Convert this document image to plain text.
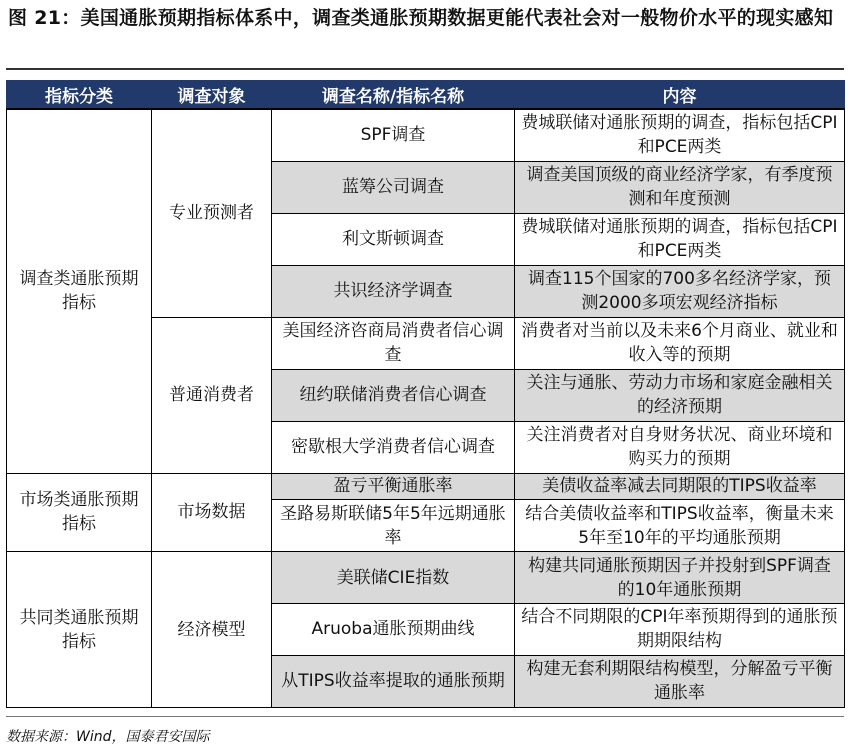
图 21：美国通胀预期指标体系中，调查类通胀预期数据更能代表社会对一般物价水平的现实感知
指标分类	调查对象	调查名称/指标名称	内容
调查类通胀预期指标	专业预测者	SPF调查	费城联储对通胀预期的调查，指标包括CPI和PCE两类
		蓝筹公司调查	调查美国顶级的商业经济学家，有季度预测和年度预测
		利文斯顿调查	费城联储对通胀预期的调查，指标包括CPI和PCE两类
		共识经济学调查	调查115个国家的700多名经济学家，预测2000多项宏观经济指标
	普通消费者	美国经济咨商局消费者信心调查	消费者对当前以及未来6个月商业、就业和收入等的预期
		纽约联储消费者信心调查	关注与通胀、劳动力市场和家庭金融相关的经济预期
		密歇根大学消费者信心调查	关注消费者对自身财务状况、商业环境和购买力的预期
市场类通胀预期指标	市场数据	盈亏平衡通胀率	美债收益率减去同期限的TIPS收益率
		圣路易斯联储5年5年远期通胀率	结合美债收益率和TIPS收益率，衡量未来5年至10年的平均通胀预期
共同类通胀预期指标	经济模型	美联储CIE指数	构建共同通胀预期因子并投射到SPF调查的10年通胀预期
		Aruoba通胀预期曲线	结合不同期限的CPI年率预期得到的通胀预期期限结构
		从TIPS收益率提取的通胀预期	构建无套利期限结构模型，分解盈亏平衡通胀率
数据来源：Wind，国泰君安国际
